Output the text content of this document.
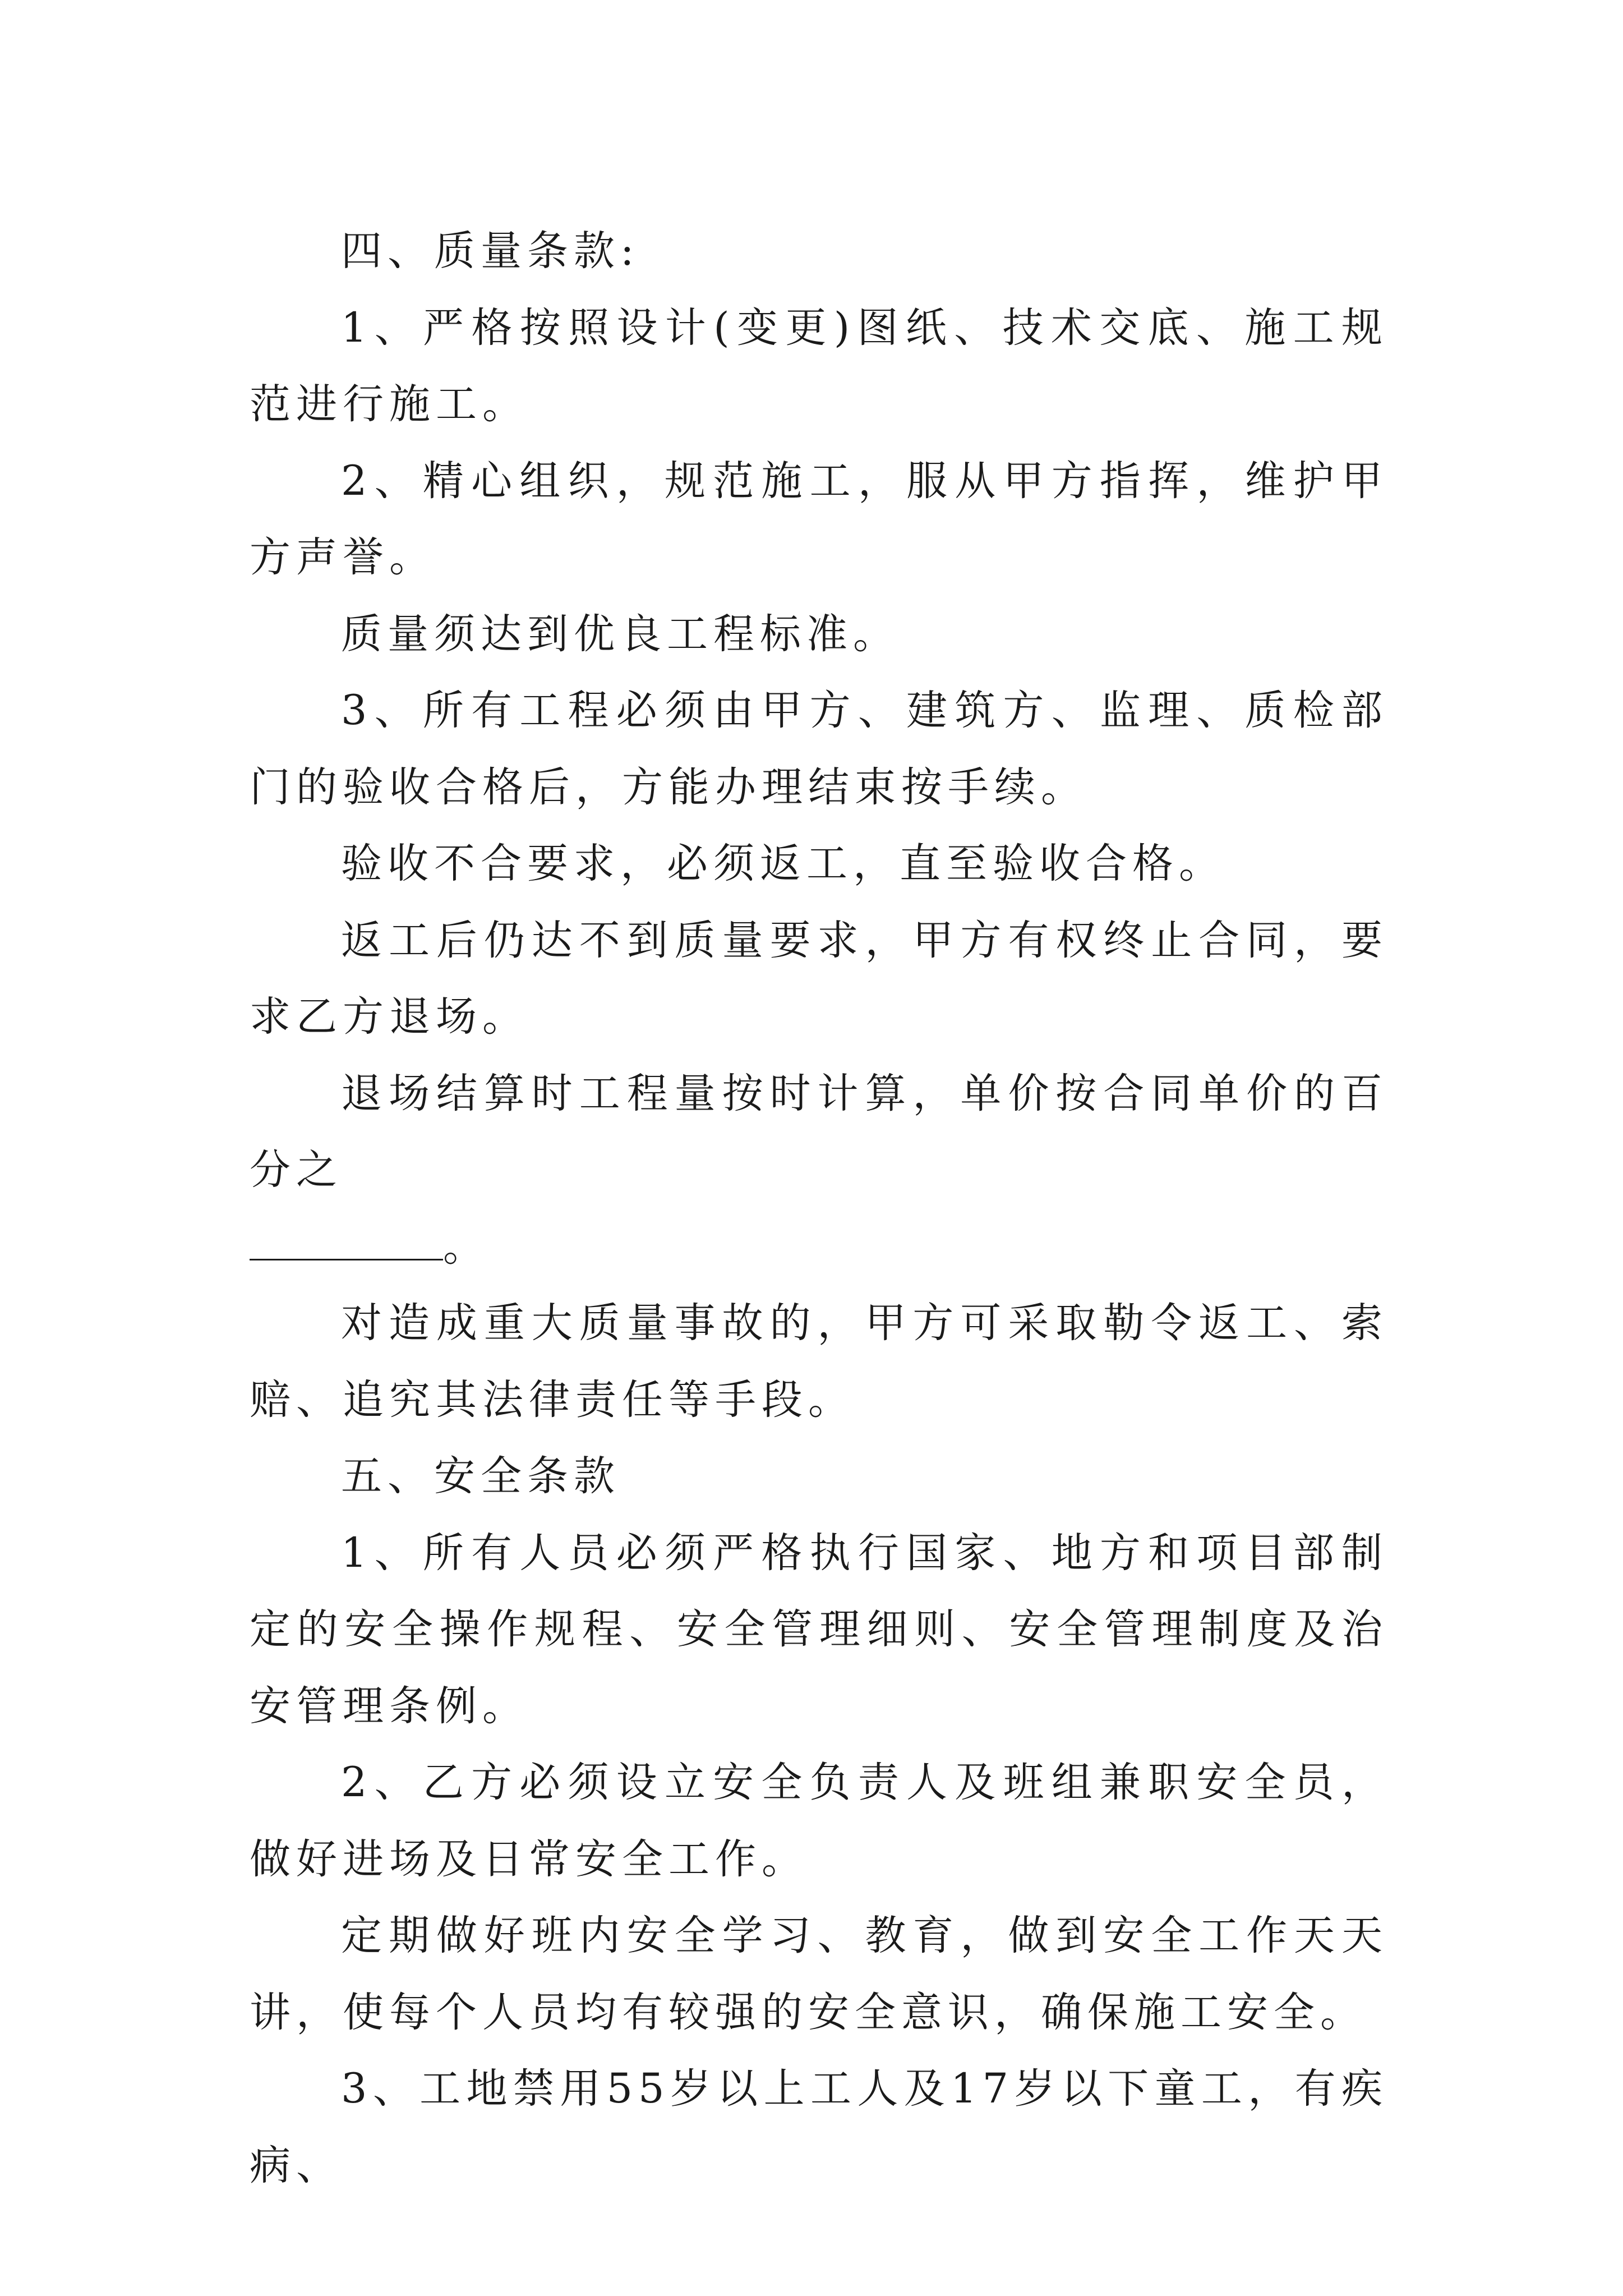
四、质量条款:

1、严格按照设计(变更)图纸、技术交底、施工规范进行施工。

2、精心组织，规范施工，服从甲方指挥，维护甲方声誉。

质量须达到优良工程标准。

3、所有工程必须由甲方、建筑方、监理、质检部门的验收合格后，方能办理结束按手续。

验收不合要求，必须返工，直至验收合格。

返工后仍达不到质量要求，甲方有权终止合同，要求乙方退场。

退场结算时工程量按时计算，单价按合同单价的百分之
。

对造成重大质量事故的，甲方可采取勒令返工、索赔、追究其法律责任等手段。

五、安全条款

1、所有人员必须严格执行国家、地方和项目部制定的安全操作规程、安全管理细则、安全管理制度及治安管理条例。

2、乙方必须设立安全负责人及班组兼职安全员，做好进场及日常安全工作。

定期做好班内安全学习、教育，做到安全工作天天讲，使每个人员均有较强的安全意识，确保施工安全。

3、工地禁用55岁以上工人及17岁以下童工，有疾病、
